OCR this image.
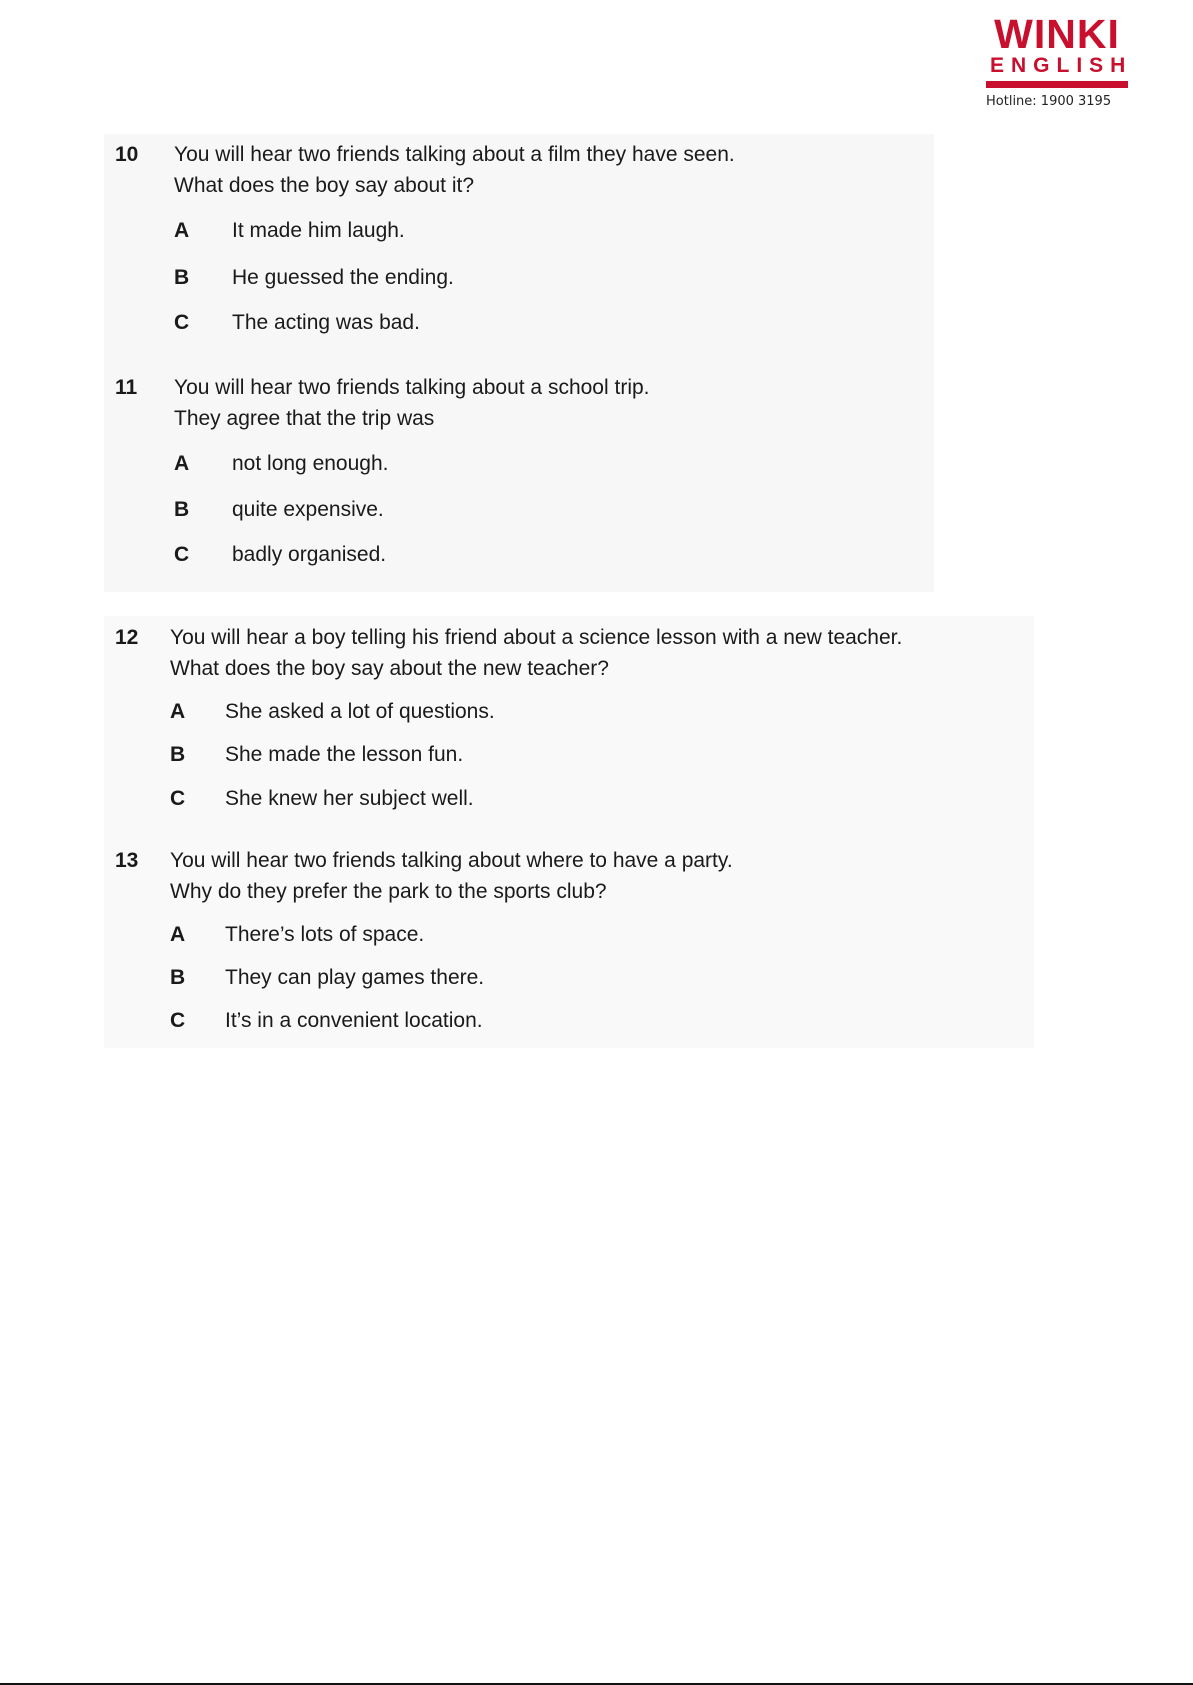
WINKI
ENGLISH
Hotline: 1900 3195
10 You will hear two friends talking about a film they have seen.
What does the boy say about it?
A It made him laugh.
B He guessed the ending.
C The acting was bad.
11 You will hear two friends talking about a school trip.
They agree that the trip was
A not long enough.
B quite expensive.
C badly organised.
12 You will hear a boy telling his friend about a science lesson with a new teacher.
What does the boy say about the new teacher?
A She asked a lot of questions.
B She made the lesson fun.
C She knew her subject well.
13 You will hear two friends talking about where to have a party.
Why do they prefer the park to the sports club?
A There’s lots of space.
B They can play games there.
C It’s in a convenient location.
